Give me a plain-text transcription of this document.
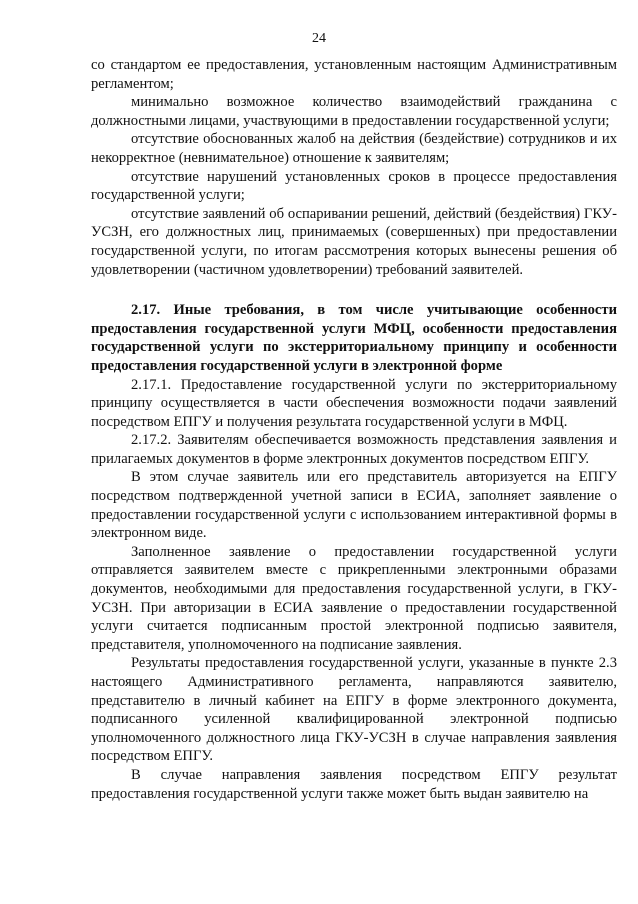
24

со стандартом ее предоставления, установленным настоящим Административным регламентом;

минимально возможное количество взаимодействий гражданина с должностными лицами, участвующими в предоставлении государственной услуги;

отсутствие обоснованных жалоб на действия (бездействие) сотрудников и их некорректное (невнимательное) отношение к заявителям;

отсутствие нарушений установленных сроков в процессе предоставления государственной услуги;

отсутствие заявлений об оспаривании решений, действий (бездействия) ГКУ-УСЗН, его должностных лиц, принимаемых (совершенных) при предоставлении государственной услуги, по итогам рассмотрения которых вынесены решения об удовлетворении (частичном удовлетворении) требований заявителей.

2.17. Иные требования, в том числе учитывающие особенности предоставления государственной услуги МФЦ, особенности предоставления государственной услуги по экстерриториальному принципу и особенности предоставления государственной услуги в электронной форме

2.17.1. Предоставление государственной услуги по экстерриториальному принципу осуществляется в части обеспечения возможности подачи заявлений посредством ЕПГУ и получения результата государственной услуги в МФЦ.

2.17.2. Заявителям обеспечивается возможность представления заявления и прилагаемых документов в форме электронных документов посредством ЕПГУ.

В этом случае заявитель или его представитель авторизуется на ЕПГУ посредством подтвержденной учетной записи в ЕСИА, заполняет заявление о предоставлении государственной услуги с использованием интерактивной формы в электронном виде.

Заполненное заявление о предоставлении государственной услуги отправляется заявителем вместе с прикрепленными электронными образами документов, необходимыми для предоставления государственной услуги, в ГКУ-УСЗН. При авторизации в ЕСИА заявление о предоставлении государственной услуги считается подписанным простой электронной подписью заявителя, представителя, уполномоченного на подписание заявления.

Результаты предоставления государственной услуги, указанные в пункте 2.3 настоящего Административного регламента, направляются заявителю, представителю в личный кабинет на ЕПГУ в форме электронного документа, подписанного усиленной квалифицированной электронной подписью уполномоченного должностного лица ГКУ-УСЗН в случае направления заявления посредством ЕПГУ.

В случае направления заявления посредством ЕПГУ результат предоставления государственной услуги также может быть выдан заявителю на
